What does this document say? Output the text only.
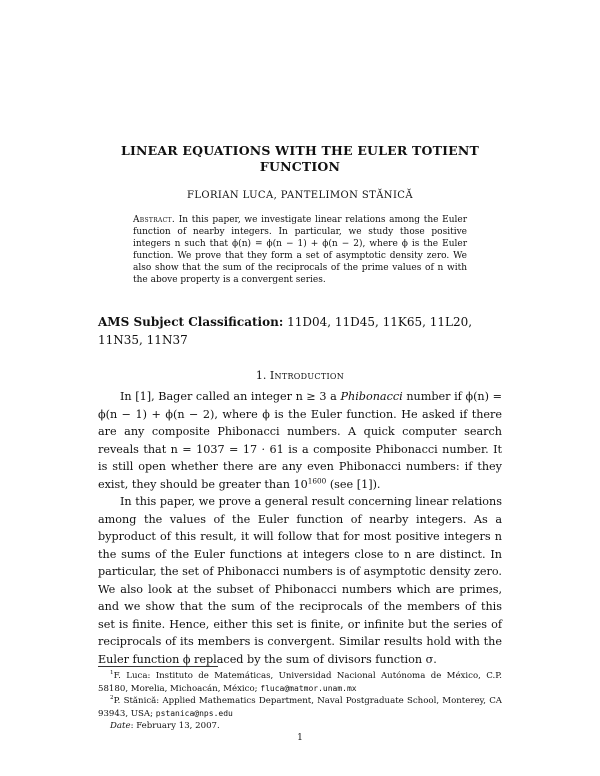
LINEAR EQUATIONS WITH THE EULER TOTIENT FUNCTION
FLORIAN LUCA, PANTELIMON STĂNICĂ
Abstract. In this paper, we investigate linear relations among the Euler function of nearby integers. In particular, we study those positive integers n such that ϕ(n) = ϕ(n − 1) + ϕ(n − 2), where ϕ is the Euler function. We prove that they form a set of asymptotic density zero. We also show that the sum of the reciprocals of the prime values of n with the above property is a convergent series.
AMS Subject Classification: 11D04, 11D45, 11K65, 11L20, 11N35, 11N37
1. Introduction

In [1], Bager called an integer n ≥ 3 a Phibonacci number if ϕ(n) = ϕ(n − 1) + ϕ(n − 2), where ϕ is the Euler function. He asked if there are any composite Phibonacci numbers. A quick computer search reveals that n = 1037 = 17 · 61 is a composite Phibonacci number. It is still open whether there are any even Phibonacci numbers: if they exist, they should be greater than $10^{1600}$ (see [1]).

In this paper, we prove a general result concerning linear relations among the values of the Euler function of nearby integers. As a byproduct of this result, it will follow that for most positive integers n the sums of the Euler functions at integers close to n are distinct. In particular, the set of Phibonacci numbers is of asymptotic density zero. We also look at the subset of Phibonacci numbers which are primes, and we show that the sum of the reciprocals of the members of this set is finite. Hence, either this set is finite, or infinite but the series of reciprocals of its members is convergent. Similar results hold with the Euler function ϕ replaced by the sum of divisors function σ.

$^1$F. Luca: Instituto de Matemáticas, Universidad Nacional Autónoma de México, C.P. 58180, Morelia, Michoacán, México; fluca@matmor.unam.mx

$^2$P. Stănică: Applied Mathematics Department, Naval Postgraduate School, Monterey, CA 93943, USA; pstanica@nps.edu

Date: February 13, 2007.

1
